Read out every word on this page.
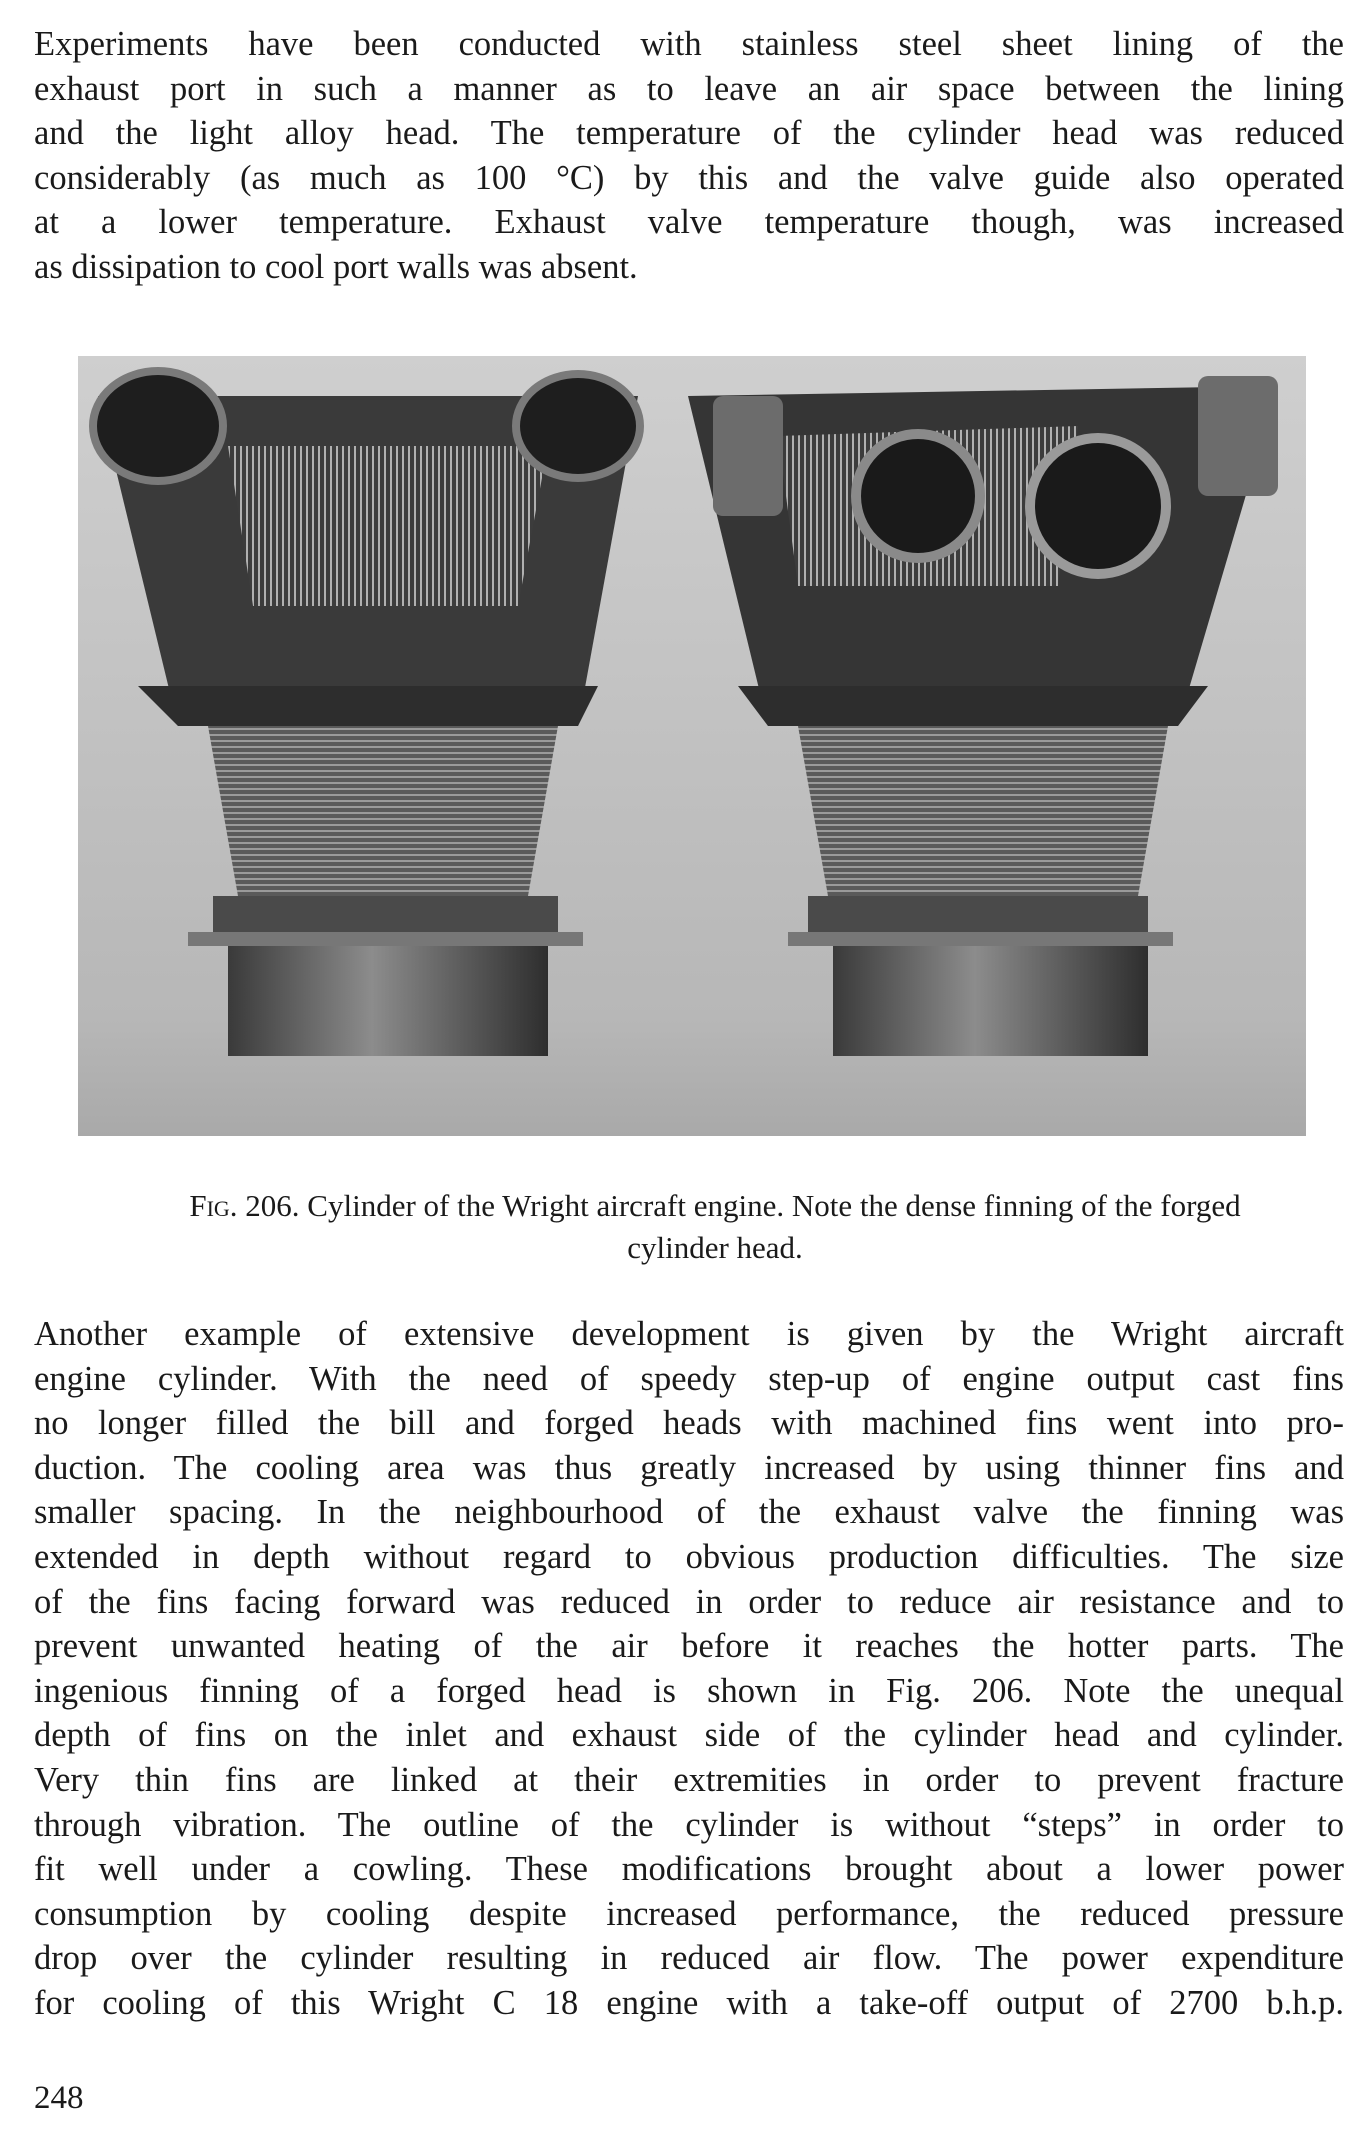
Experiments have been conducted with stainless steel sheet lining of the
exhaust port in such a manner as to leave an air space between the lining
and the light alloy head. The temperature of the cylinder head was reduced
considerably (as much as 100 °C) by this and the valve guide also operated
at a lower temperature. Exhaust valve temperature though, was increased
as dissipation to cool port walls was absent.

Fig. 206. Cylinder of the Wright aircraft engine. Note the dense finning of the forged
cylinder head.

Another example of extensive development is given by the Wright aircraft
engine cylinder. With the need of speedy step-up of engine output cast fins
no longer filled the bill and forged heads with machined fins went into pro-
duction. The cooling area was thus greatly increased by using thinner fins and
smaller spacing. In the neighbourhood of the exhaust valve the finning was
extended in depth without regard to obvious production difficulties. The size
of the fins facing forward was reduced in order to reduce air resistance and to
prevent unwanted heating of the air before it reaches the hotter parts. The
ingenious finning of a forged head is shown in Fig. 206. Note the unequal
depth of fins on the inlet and exhaust side of the cylinder head and cylinder.
Very thin fins are linked at their extremities in order to prevent fracture
through vibration. The outline of the cylinder is without “steps” in order to
fit well under a cowling. These modifications brought about a lower power
consumption by cooling despite increased performance, the reduced pressure
drop over the cylinder resulting in reduced air flow. The power expenditure
for cooling of this Wright C 18 engine with a take-off output of 2700 b.h.p.

248
